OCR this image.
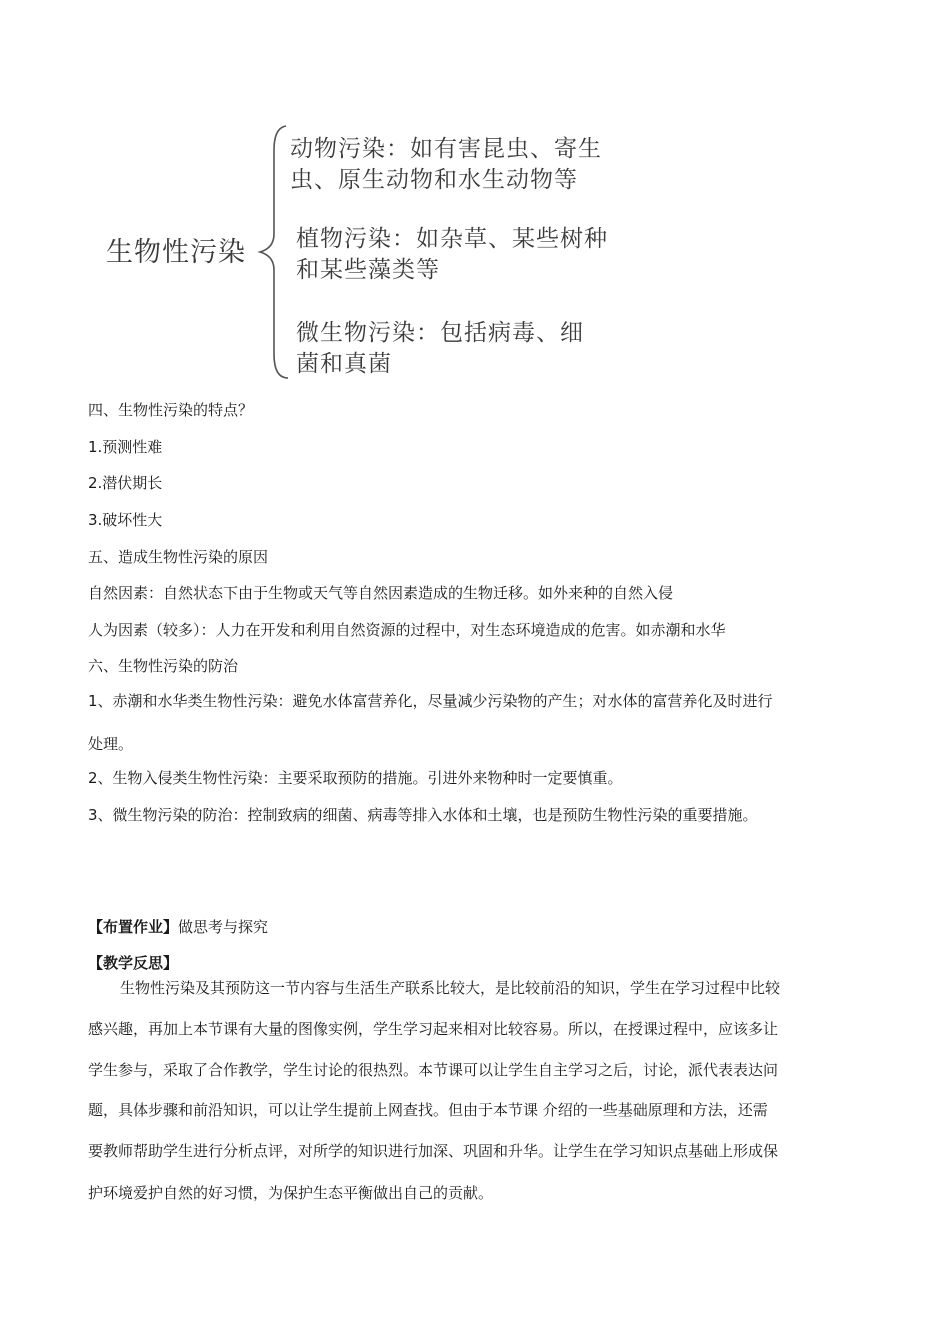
生物性污染
动物污染：如有害昆虫、寄生
虫、原生动物和水生动物等
植物污染：如杂草、某些树种
和某些藻类等
微生物污染：包括病毒、细
菌和真菌
四、生物性污染的特点？
1.预测性难
2.潜伏期长
3.破坏性大
五、造成生物性污染的原因
自然因素：自然状态下由于生物或天气等自然因素造成的生物迁移。如外来种的自然入侵
人为因素（较多）：人力在开发和利用自然资源的过程中，对生态环境造成的危害。如赤潮和水华
六、生物性污染的防治
1、赤潮和水华类生物性污染：避免水体富营养化，尽量减少污染物的产生；对水体的富营养化及时进行
处理。
2、生物入侵类生物性污染：主要采取预防的措施。引进外来物种时一定要慎重。
3、微生物污染的防治：控制致病的细菌、病毒等排入水体和土壤，也是预防生物性污染的重要措施。
【布置作业】做思考与探究
【教学反思】
生物性污染及其预防这一节内容与生活生产联系比较大，是比较前沿的知识，学生在学习过程中比较
感兴趣，再加上本节课有大量的图像实例，学生学习起来相对比较容易。所以，在授课过程中，应该多让
学生参与，采取了合作教学，学生讨论的很热烈。本节课可以让学生自主学习之后，讨论，派代表表达问
题，具体步骤和前沿知识，可以让学生提前上网查找。但由于本节课 介绍的一些基础原理和方法，还需
要教师帮助学生进行分析点评，对所学的知识进行加深、巩固和升华。让学生在学习知识点基础上形成保
护环境爱护自然的好习惯，为保护生态平衡做出自己的贡献。
